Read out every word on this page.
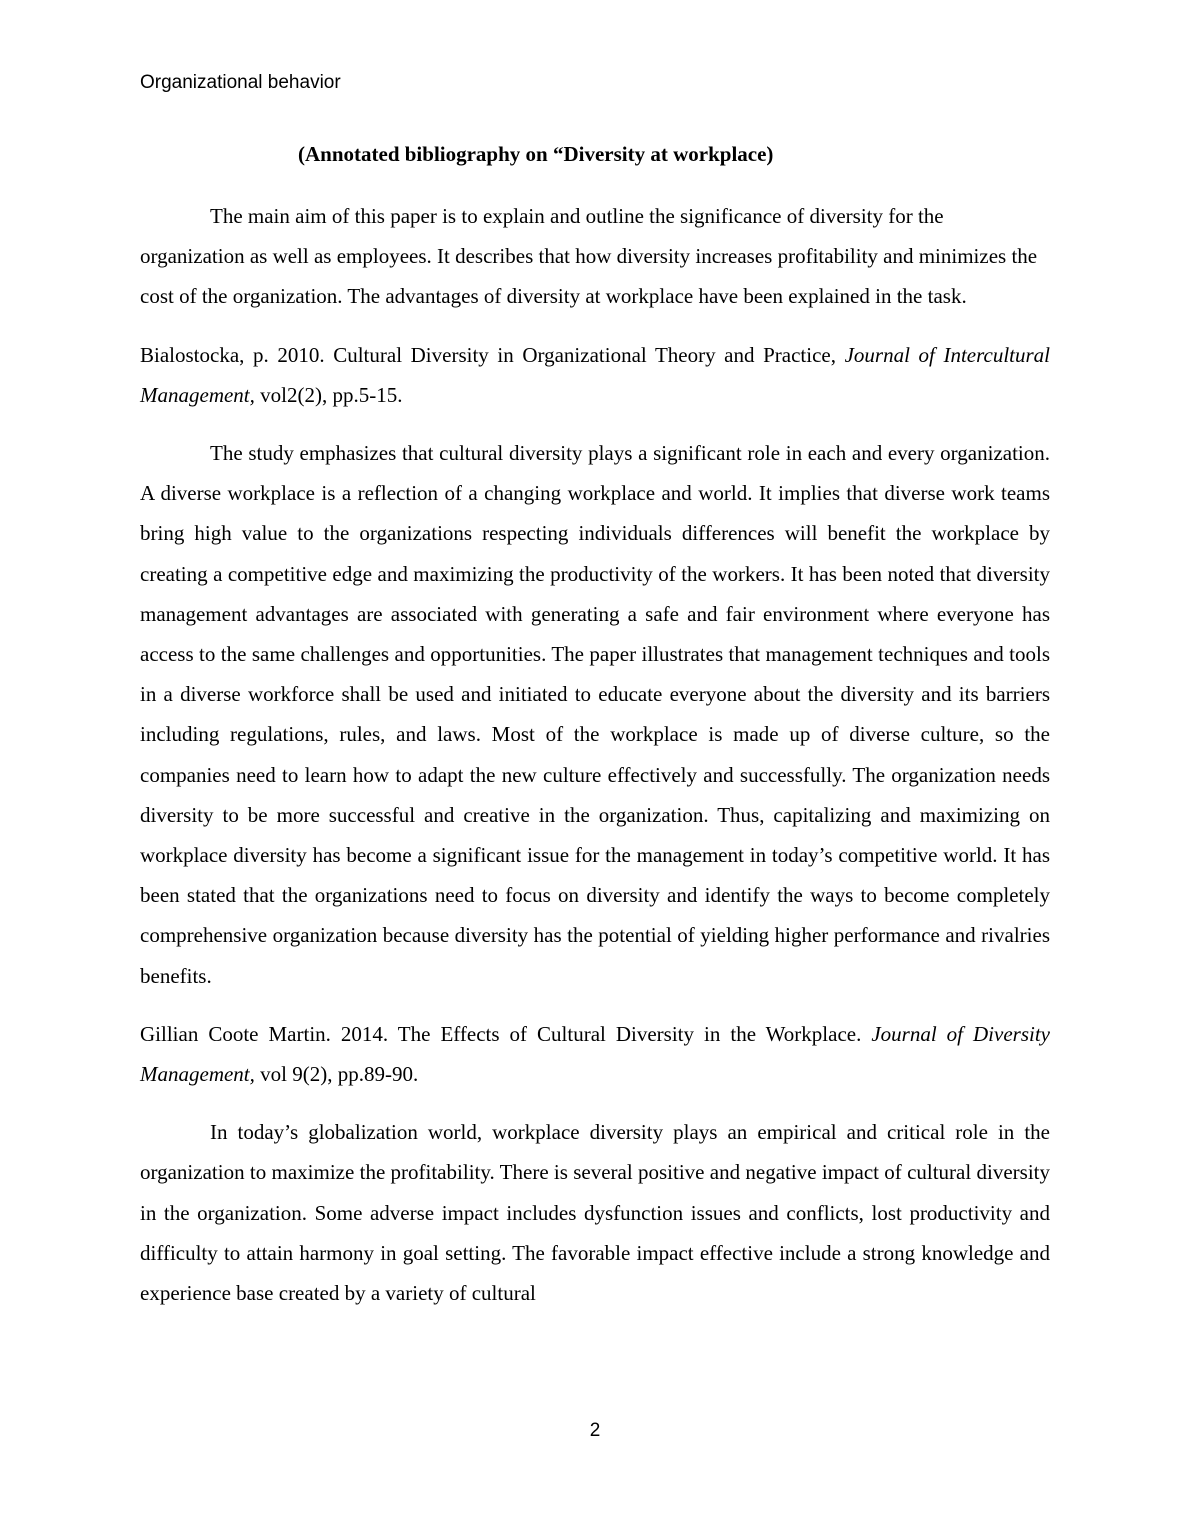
Organizational behavior
(Annotated bibliography on “Diversity at workplace)

The main aim of this paper is to explain and outline the significance of diversity for the organization as well as employees. It describes that how diversity increases profitability and minimizes the cost of the organization. The advantages of diversity at workplace have been explained in the task.

Bialostocka, p. 2010. Cultural Diversity in Organizational Theory and Practice, Journal of Intercultural Management, vol2(2), pp.5-15.

The study emphasizes that cultural diversity plays a significant role in each and every organization. A diverse workplace is a reflection of a changing workplace and world. It implies that diverse work teams bring high value to the organizations respecting individuals differences will benefit the workplace by creating a competitive edge and maximizing the productivity of the workers. It has been noted that diversity management advantages are associated with generating a safe and fair environment where everyone has access to the same challenges and opportunities. The paper illustrates that management techniques and tools in a diverse workforce shall be used and initiated to educate everyone about the diversity and its barriers including regulations, rules, and laws. Most of the workplace is made up of diverse culture, so the companies need to learn how to adapt the new culture effectively and successfully. The organization needs diversity to be more successful and creative in the organization. Thus, capitalizing and maximizing on workplace diversity has become a significant issue for the management in today’s competitive world. It has been stated that the organizations need to focus on diversity and identify the ways to become completely comprehensive organization because diversity has the potential of yielding higher performance and rivalries benefits.

Gillian Coote Martin. 2014. The Effects of Cultural Diversity in the Workplace. Journal of Diversity Management, vol 9(2), pp.89-90.

In today’s globalization world, workplace diversity plays an empirical and critical role in the organization to maximize the profitability. There is several positive and negative impact of cultural diversity in the organization. Some adverse impact includes dysfunction issues and conflicts, lost productivity and difficulty to attain harmony in goal setting. The favorable impact effective include a strong knowledge and experience base created by a variety of cultural

2
